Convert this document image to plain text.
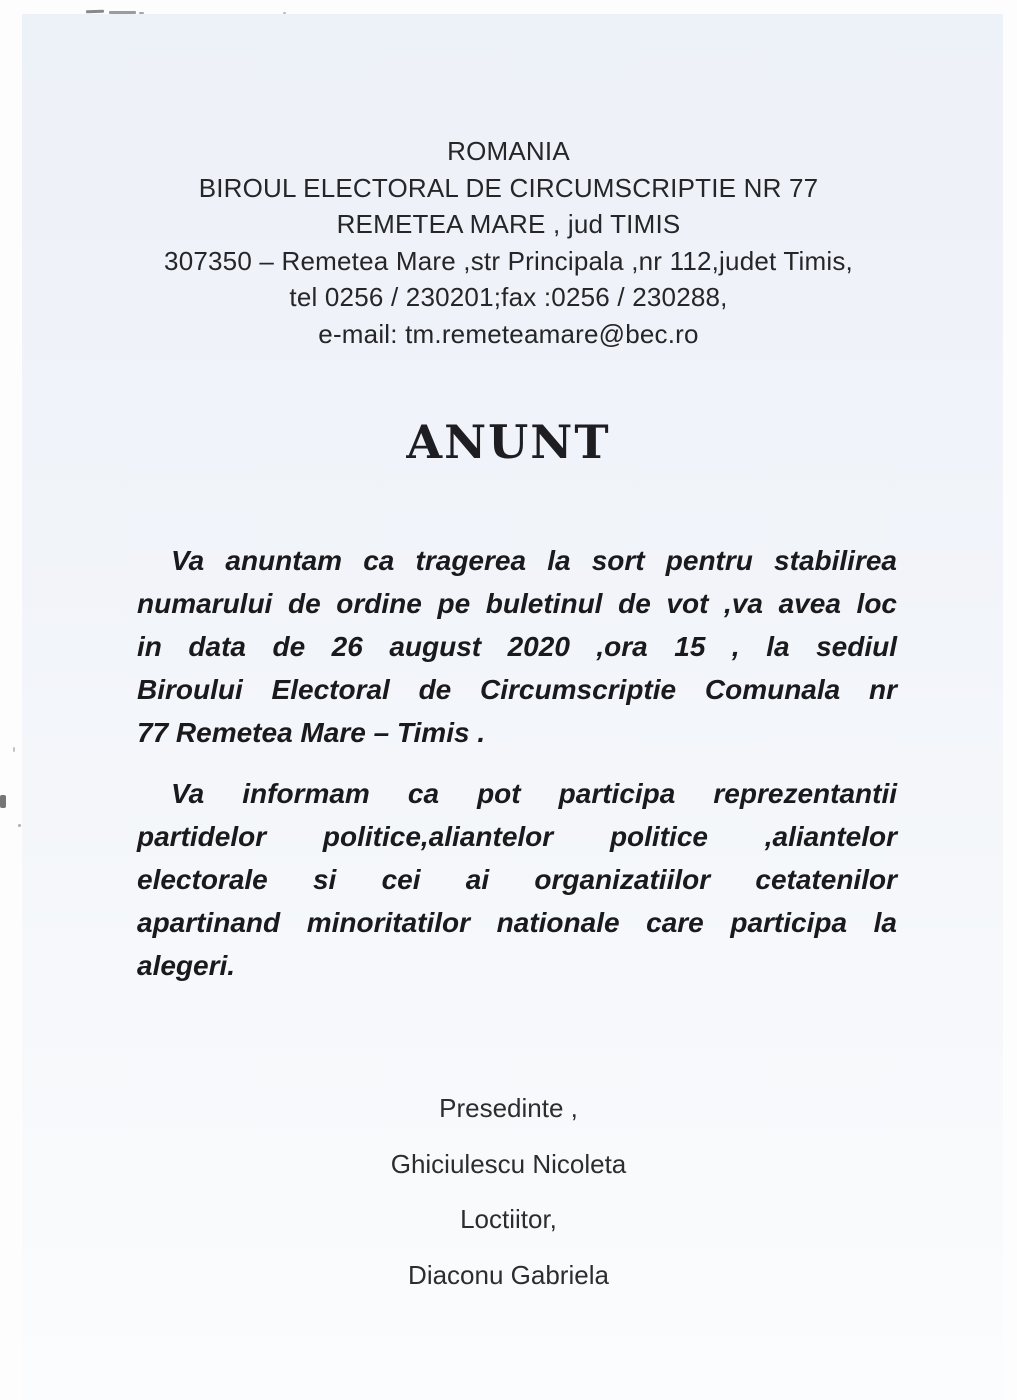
ROMANIA
BIROUL ELECTORAL DE CIRCUMSCRIPTIE NR 77
REMETEA MARE , jud TIMIS
307350 – Remetea Mare ,str Principala ,nr 112,judet Timis,
tel 0256 / 230201;fax :0256 / 230288,
e-mail: tm.remeteamare@bec.ro
ANUNT
Va anuntam ca tragerea la sort pentru stabilirea
numarului de ordine pe buletinul de vot ,va avea loc
in data de 26 august 2020 ,ora 15 , la sediul
Biroului Electoral de Circumscriptie Comunala nr
77 Remetea Mare – Timis .
Va informam ca pot participa reprezentantii
partidelor politice,aliantelor politice ,aliantelor
electorale si cei ai organizatiilor cetatenilor
apartinand minoritatilor nationale care participa la
alegeri.
Presedinte ,
Ghiciulescu Nicoleta
Loctiitor,
Diaconu Gabriela
